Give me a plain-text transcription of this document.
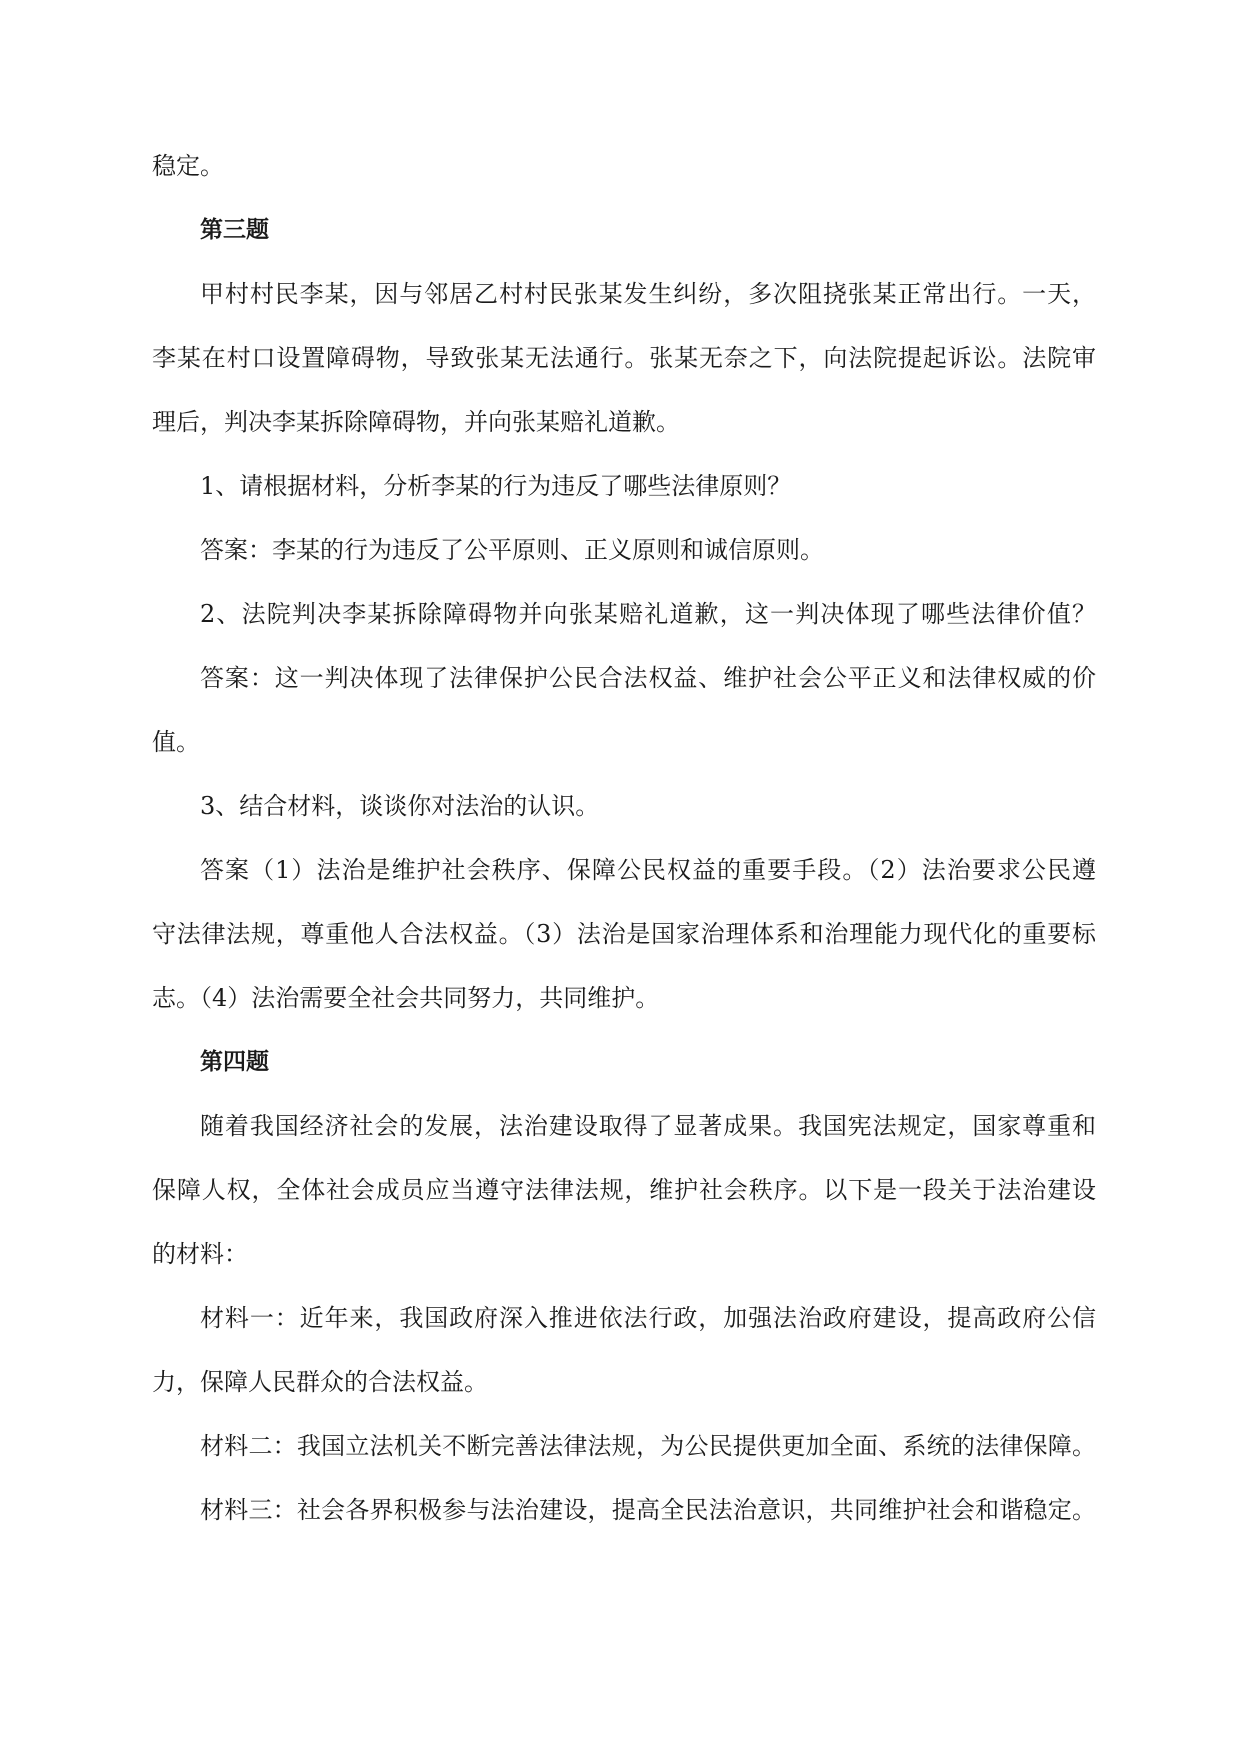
稳定。

第三题

甲村村民李某，因与邻居乙村村民张某发生纠纷，多次阻挠张某正常出行。一天，

李某在村口设置障碍物，导致张某无法通行。张某无奈之下，向法院提起诉讼。法院审

理后，判决李某拆除障碍物，并向张某赔礼道歉。

1、请根据材料，分析李某的行为违反了哪些法律原则？

答案：李某的行为违反了公平原则、正义原则和诚信原则。

2、法院判决李某拆除障碍物并向张某赔礼道歉，这一判决体现了哪些法律价值？

答案：这一判决体现了法律保护公民合法权益、维护社会公平正义和法律权威的价

值。

3、结合材料，谈谈你对法治的认识。

答案（1）法治是维护社会秩序、保障公民权益的重要手段。（2）法治要求公民遵

守法律法规，尊重他人合法权益。（3）法治是国家治理体系和治理能力现代化的重要标

志。（4）法治需要全社会共同努力，共同维护。

第四题

随着我国经济社会的发展，法治建设取得了显著成果。我国宪法规定，国家尊重和

保障人权，全体社会成员应当遵守法律法规，维护社会秩序。以下是一段关于法治建设

的材料：

材料一：近年来，我国政府深入推进依法行政，加强法治政府建设，提高政府公信

力，保障人民群众的合法权益。

材料二：我国立法机关不断完善法律法规，为公民提供更加全面、系统的法律保障。

材料三：社会各界积极参与法治建设，提高全民法治意识，共同维护社会和谐稳定。
